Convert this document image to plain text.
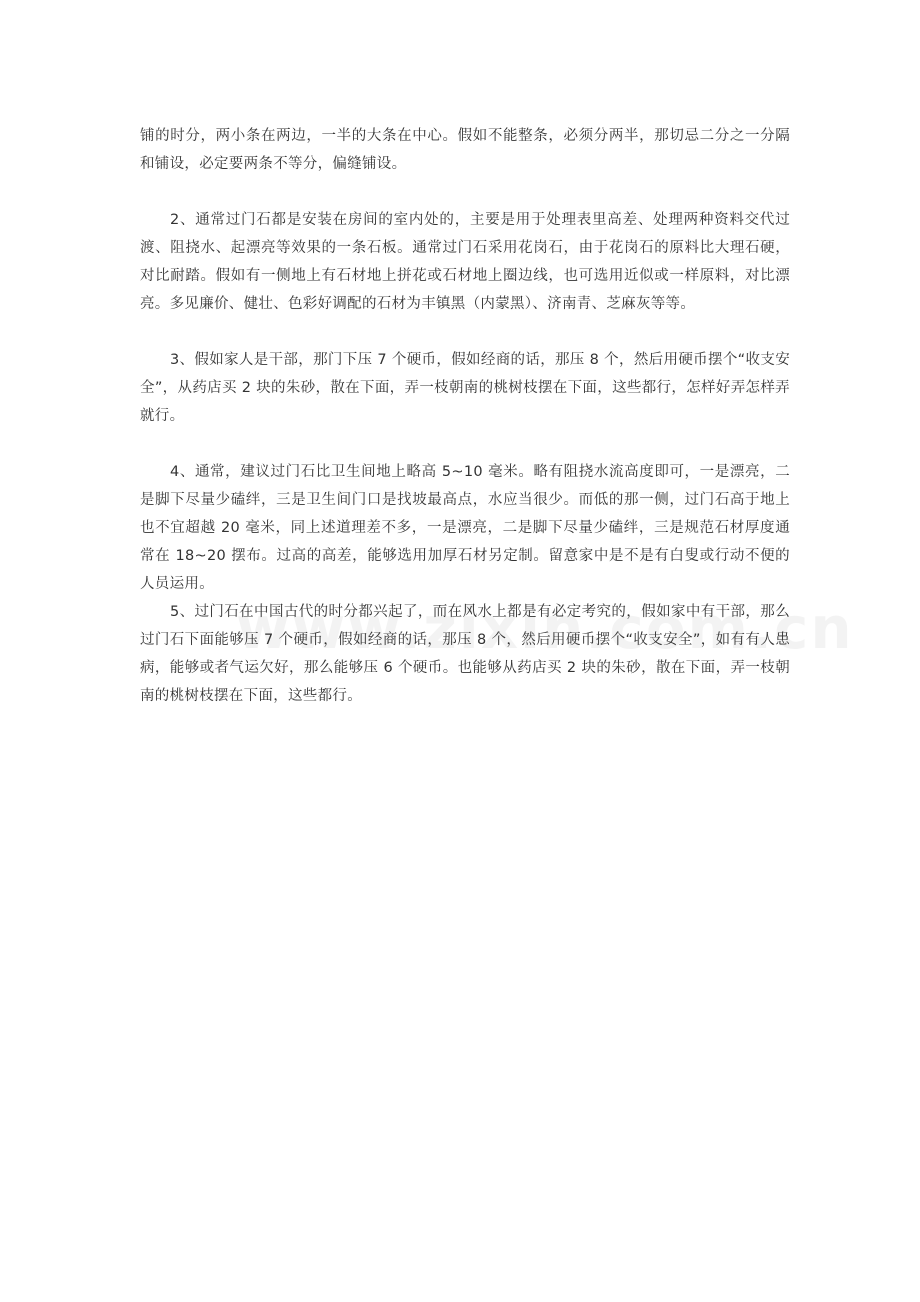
铺的时分，两小条在两边，一半的大条在中心。假如不能整条，必须分两半，那切忌二分之一分隔和铺设，必定要两条不等分，偏缝铺设。

2、通常过门石都是安装在房间的室内处的，主要是用于处理表里高差、处理两种资料交代过渡、阻挠水、起漂亮等效果的一条石板。通常过门石采用花岗石，由于花岗石的原料比大理石硬，对比耐踏。假如有一侧地上有石材地上拼花或石材地上圈边线，也可选用近似或一样原料，对比漂亮。多见廉价、健壮、色彩好调配的石材为丰镇黑（内蒙黑）、济南青、芝麻灰等等。

3、假如家人是干部，那门下压 7 个硬币，假如经商的话，那压 8 个，然后用硬币摆个“收支安全”，从药店买 2 块的朱砂，散在下面，弄一枝朝南的桃树枝摆在下面，这些都行，怎样好弄怎样弄就行。

4、通常，建议过门石比卫生间地上略高 5~10 毫米。略有阻挠水流高度即可，一是漂亮，二是脚下尽量少磕绊，三是卫生间门口是找坡最高点，水应当很少。而低的那一侧，过门石高于地上也不宜超越 20 毫米，同上述道理差不多，一是漂亮，二是脚下尽量少磕绊，三是规范石材厚度通常在 18~20 摆布。过高的高差，能够选用加厚石材另定制。留意家中是不是有白叟或行动不便的人员运用。

5、过门石在中国古代的时分都兴起了，而在风水上都是有必定考究的，假如家中有干部，那么过门石下面能够压 7 个硬币，假如经商的话，那压 8 个，然后用硬币摆个“收支安全”，如有有人患病，能够或者气运欠好，那么能够压 6 个硬币。也能够从药店买 2 块的朱砂，散在下面，弄一枝朝南的桃树枝摆在下面，这些都行。
